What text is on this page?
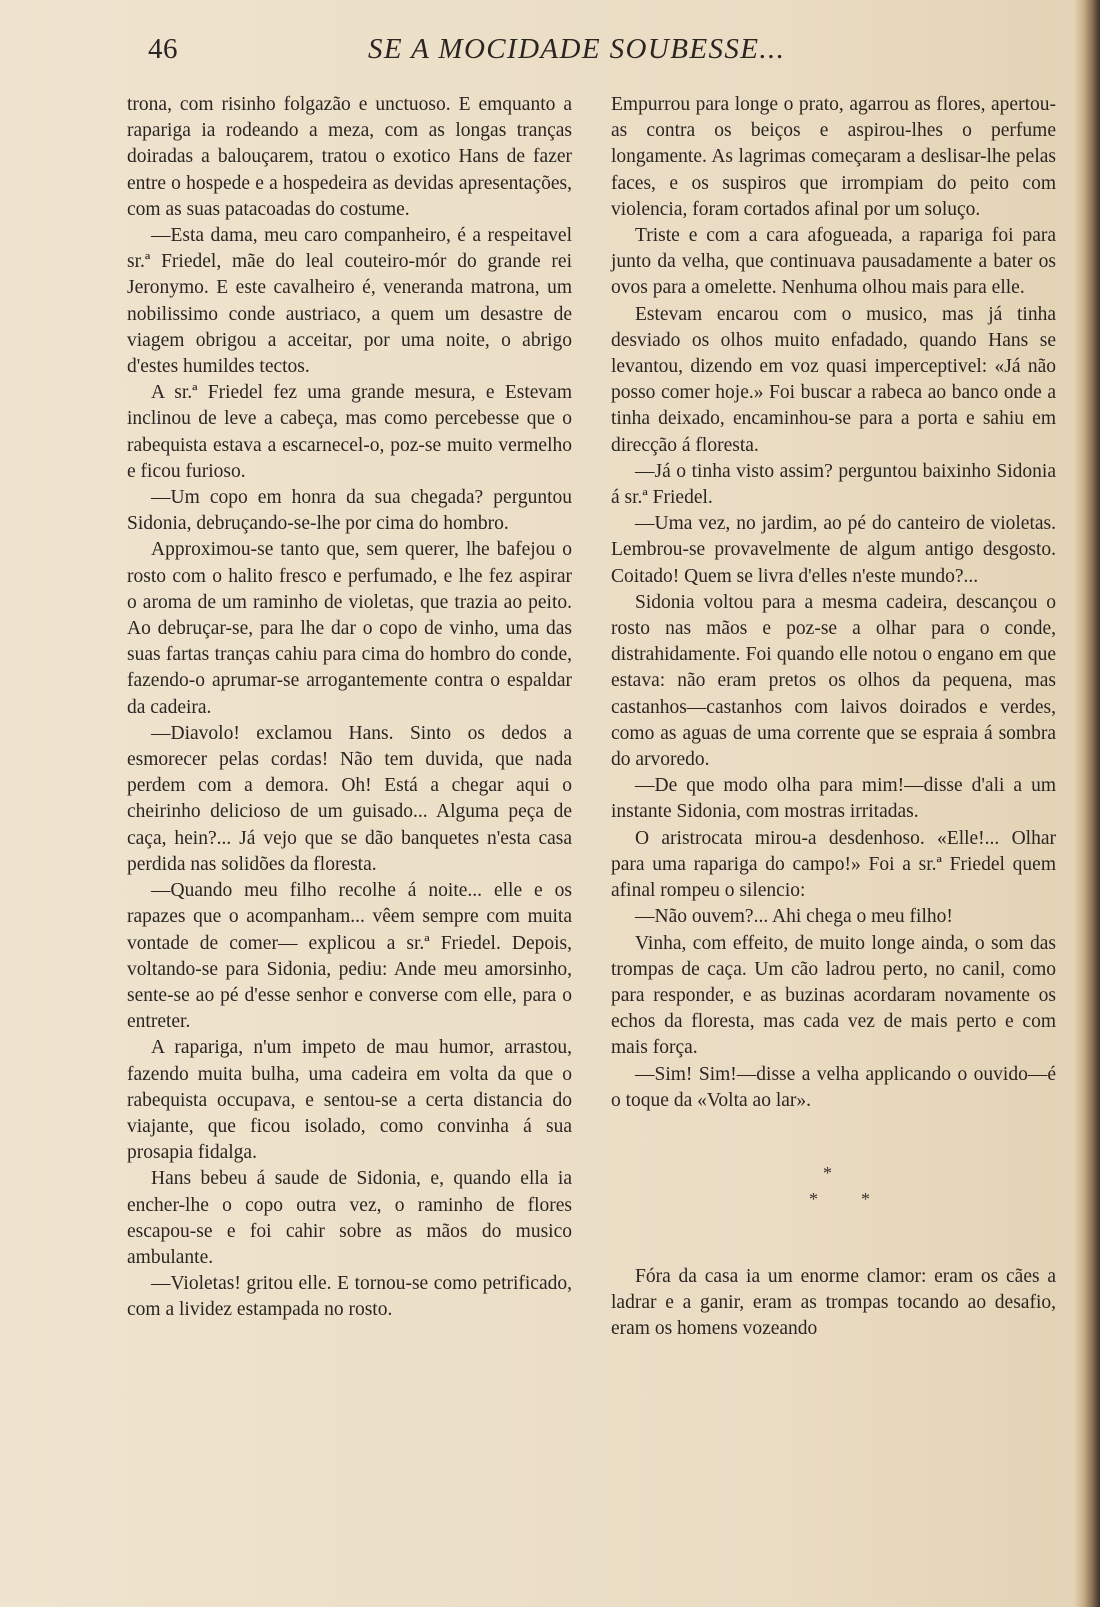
46	SE A MOCIDADE SOUBESSE...

trona, com risinho folgazão e unctuoso. E emquanto a rapariga ia rodeando a meza, com as longas tranças doiradas a balouçarem, tratou o exotico Hans de fazer entre o hospede e a hospedeira as devidas apresentações, com as suas patacoadas do costume.

—Esta dama, meu caro companheiro, é a respeitavel sr.ª Friedel, mãe do leal couteiro-mór do grande rei Jeronymo. E este cavalheiro é, veneranda matrona, um nobilissimo conde austriaco, a quem um desastre de viagem obrigou a acceitar, por uma noite, o abrigo d'estes humildes tectos.

A sr.ª Friedel fez uma grande mesura, e Estevam inclinou de leve a cabeça, mas como percebesse que o rabequista estava a escarnecel-o, poz-se muito vermelho e ficou furioso.

—Um copo em honra da sua chegada? perguntou Sidonia, debruçando-se-lhe por cima do hombro.

Approximou-se tanto que, sem querer, lhe bafejou o rosto com o halito fresco e perfumado, e lhe fez aspirar o aroma de um raminho de violetas, que trazia ao peito. Ao debruçar-se, para lhe dar o copo de vinho, uma das suas fartas tranças cahiu para cima do hombro do conde, fazendo-o aprumar-se arrogantemente contra o espaldar da cadeira.

—Diavolo! exclamou Hans. Sinto os dedos a esmorecer pelas cordas! Não tem duvida, que nada perdem com a demora. Oh! Está a chegar aqui o cheirinho delicioso de um guisado... Alguma peça de caça, hein?... Já vejo que se dão banquetes n'esta casa perdida nas solidões da floresta.

—Quando meu filho recolhe á noite... elle e os rapazes que o acompanham... vêem sempre com muita vontade de comer— explicou a sr.ª Friedel. Depois, voltando-se para Sidonia, pediu: Ande meu amorsinho, sente-se ao pé d'esse senhor e converse com elle, para o entreter.

A rapariga, n'um impeto de mau humor, arrastou, fazendo muita bulha, uma cadeira em volta da que o rabequista occupava, e sentou-se a certa distancia do viajante, que ficou isolado, como convinha á sua prosapia fidalga.

Hans bebeu á saude de Sidonia, e, quando ella ia encher-lhe o copo outra vez, o raminho de flores escapou-se e foi cahir sobre as mãos do musico ambulante.

—Violetas! gritou elle. E tornou-se como petrificado, com a lividez estampada no rosto.

Empurrou para longe o prato, agarrou as flores, apertou-as contra os beiços e aspirou-lhes o perfume longamente. As lagrimas começaram a deslisar-lhe pelas faces, e os suspiros que irrompiam do peito com violencia, foram cortados afinal por um soluço.

Triste e com a cara afogueada, a rapariga foi para junto da velha, que continuava pausadamente a bater os ovos para a omelette. Nenhuma olhou mais para elle.

Estevam encarou com o musico, mas já tinha desviado os olhos muito enfadado, quando Hans se levantou, dizendo em voz quasi imperceptivel: «Já não posso comer hoje.» Foi buscar a rabeca ao banco onde a tinha deixado, encaminhou-se para a porta e sahiu em direcção á floresta.

—Já o tinha visto assim? perguntou baixinho Sidonia á sr.ª Friedel.

—Uma vez, no jardim, ao pé do canteiro de violetas. Lembrou-se provavelmente de algum antigo desgosto. Coitado! Quem se livra d'elles n'este mundo?...

Sidonia voltou para a mesma cadeira, descançou o rosto nas mãos e poz-se a olhar para o conde, distrahidamente. Foi quando elle notou o engano em que estava: não eram pretos os olhos da pequena, mas castanhos—castanhos com laivos doirados e verdes, como as aguas de uma corrente que se espraia á sombra do arvoredo.

—De que modo olha para mim!—disse d'ali a um instante Sidonia, com mostras irritadas.

O aristrocata mirou-a desdenhoso. «Elle!... Olhar para uma rapariga do campo!» Foi a sr.ª Friedel quem afinal rompeu o silencio:

—Não ouvem?... Ahi chega o meu filho!

Vinha, com effeito, de muito longe ainda, o som das trompas de caça. Um cão ladrou perto, no canil, como para responder, e as buzinas acordaram novamente os echos da floresta, mas cada vez de mais perto e com mais força.

—Sim! Sim!—disse a velha applicando o ouvido—é o toque da «Volta ao lar».

*
* *

Fóra da casa ia um enorme clamor: eram os cães a ladrar e a ganir, eram as trompas tocando ao desafio, eram os homens vozeando
